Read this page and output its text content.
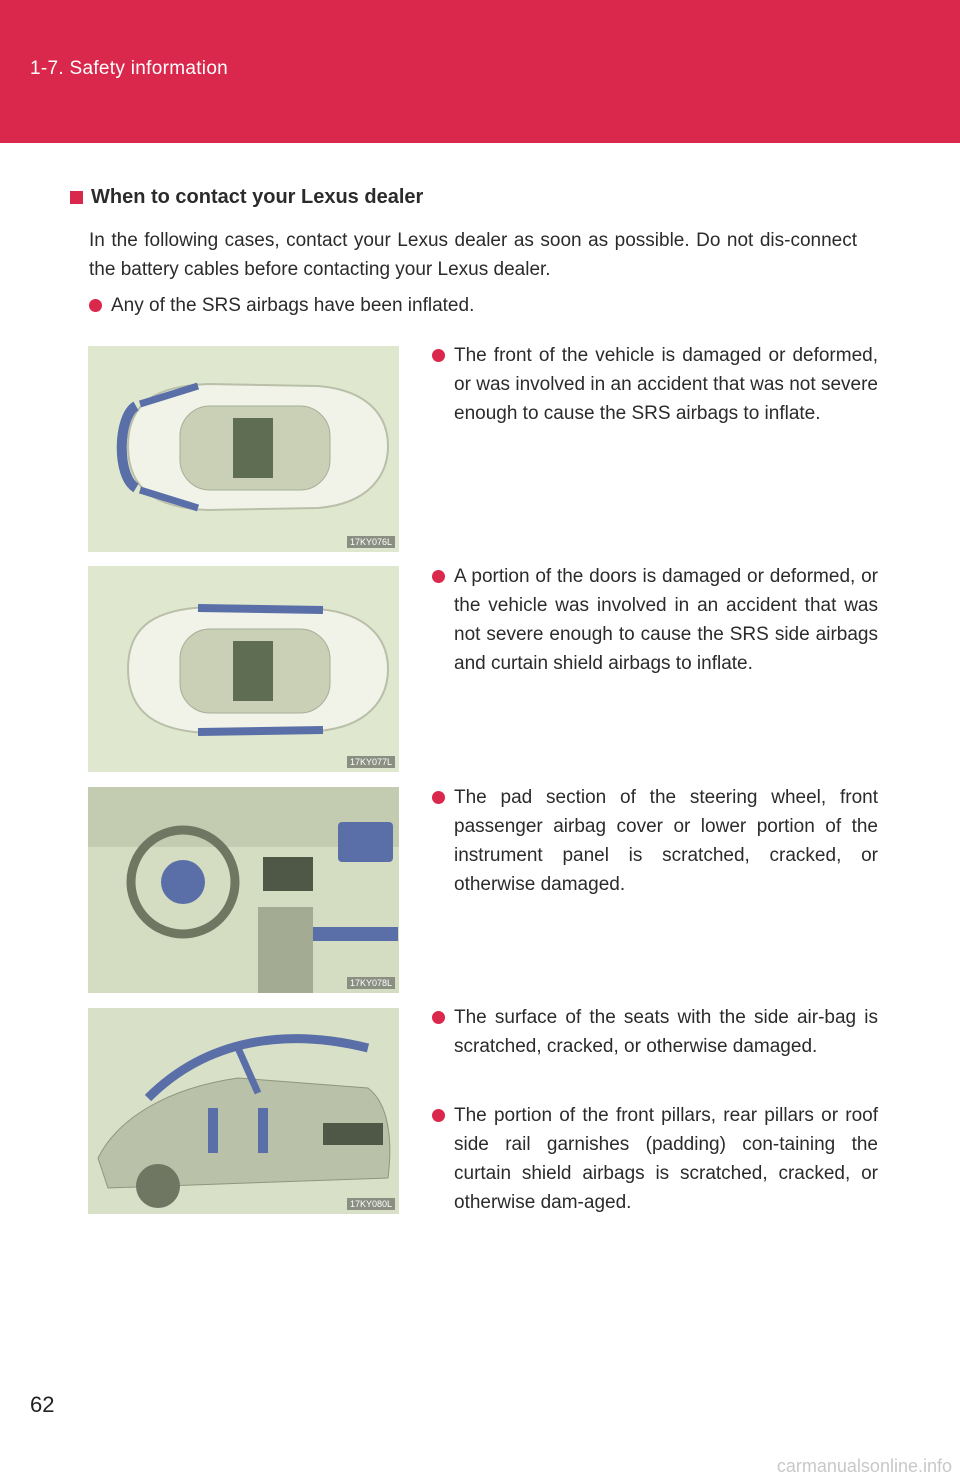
1-7. Safety information
When to contact your Lexus dealer
In the following cases, contact your Lexus dealer as soon as possible. Do not dis-connect the battery cables before contacting your Lexus dealer.
Any of the SRS airbags have been inflated.
17KY076L
The front of the vehicle is damaged or deformed, or was involved in an accident that was not severe enough to cause the SRS airbags to inflate.
17KY077L
A portion of the doors is damaged or deformed, or the vehicle was involved in an accident that was not severe enough to cause the SRS side airbags and curtain shield airbags to inflate.
17KY078L
The pad section of the steering wheel, front passenger airbag cover or lower portion of the instrument panel is scratched, cracked, or otherwise damaged.
17KY080L
The surface of the seats with the side air-bag is scratched, cracked, or otherwise damaged.
The portion of the front pillars, rear pillars or roof side rail garnishes (padding) con-taining the curtain shield airbags is scratched, cracked, or otherwise dam-aged.
62
carmanualsonline.info
